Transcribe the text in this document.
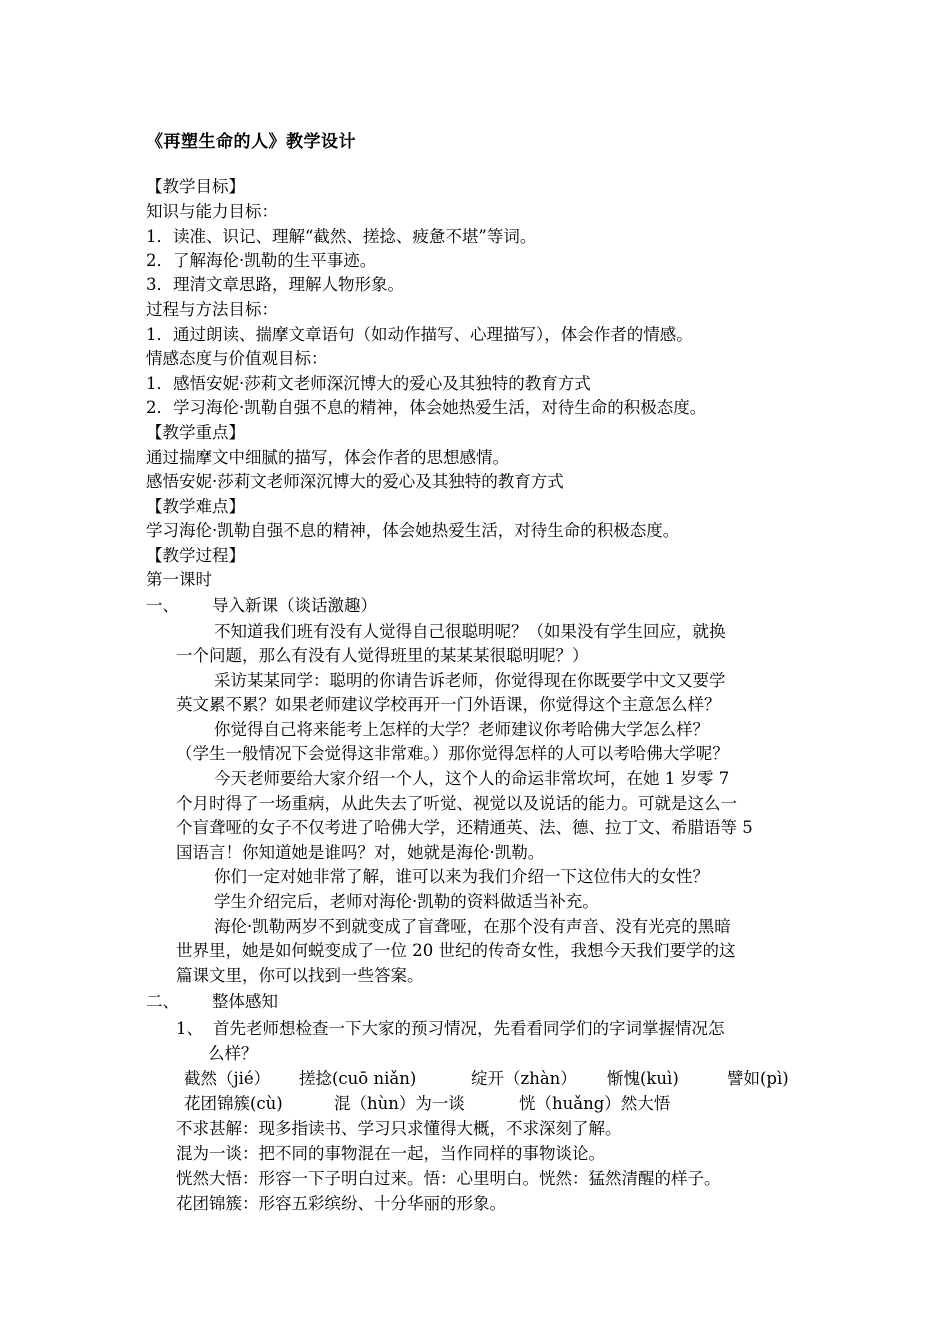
《再塑生命的人》教学设计
【教学目标】
知识与能力目标：
1．读准、识记、理解“截然、搓捻、疲惫不堪”等词。
2．了解海伦·凯勒的生平事迹。
3．理清文章思路，理解人物形象。
过程与方法目标：
1．通过朗读、揣摩文章语句（如动作描写、心理描写），体会作者的情感。
情感态度与价值观目标：
1．感悟安妮·莎莉文老师深沉博大的爱心及其独特的教育方式
2．学习海伦·凯勒自强不息的精神，体会她热爱生活，对待生命的积极态度。
【教学重点】
通过揣摩文中细腻的描写，体会作者的思想感情。
感悟安妮·莎莉文老师深沉博大的爱心及其独特的教育方式
【教学难点】
学习海伦·凯勒自强不息的精神，体会她热爱生活，对待生命的积极态度。
【教学过程】
第一课时
一、 导入新课（谈话激趣）
不知道我们班有没有人觉得自己很聪明呢？（如果没有学生回应，就换
一个问题，那么有没有人觉得班里的某某某很聪明呢？）
采访某某同学：聪明的你请告诉老师，你觉得现在你既要学中文又要学
英文累不累？如果老师建议学校再开一门外语课，你觉得这个主意怎么样？
你觉得自己将来能考上怎样的大学？老师建议你考哈佛大学怎么样？
（学生一般情况下会觉得这非常难。）那你觉得怎样的人可以考哈佛大学呢？
今天老师要给大家介绍一个人，这个人的命运非常坎坷，在她 1 岁零 7
个月时得了一场重病，从此失去了听觉、视觉以及说话的能力。可就是这么一
个盲聋哑的女子不仅考进了哈佛大学，还精通英、法、德、拉丁文、希腊语等 5
国语言！你知道她是谁吗？对，她就是海伦·凯勒。
你们一定对她非常了解，谁可以来为我们介绍一下这位伟大的女性？
学生介绍完后，老师对海伦·凯勒的资料做适当补充。
海伦·凯勒两岁不到就变成了盲聋哑，在那个没有声音、没有光亮的黑暗
世界里，她是如何蜕变成了一位 20 世纪的传奇女性，我想今天我们要学的这
篇课文里，你可以找到一些答案。
二、 整体感知
1、 首先老师想检查一下大家的预习情况，先看看同学们的字词掌握情况怎
么样？
截然（jié） 搓捻(cuō niǎn)	绽开（zhàn） 惭愧(kuì)	譬如(pì)
花团锦簇(cù)	混（hùn）为一谈	恍（huǎng）然大悟
不求甚解：现多指读书、学习只求懂得大概，不求深刻了解。
混为一谈：把不同的事物混在一起，当作同样的事物谈论。
恍然大悟：形容一下子明白过来。悟：心里明白。恍然：猛然清醒的样子。
花团锦簇：形容五彩缤纷、十分华丽的形象。
